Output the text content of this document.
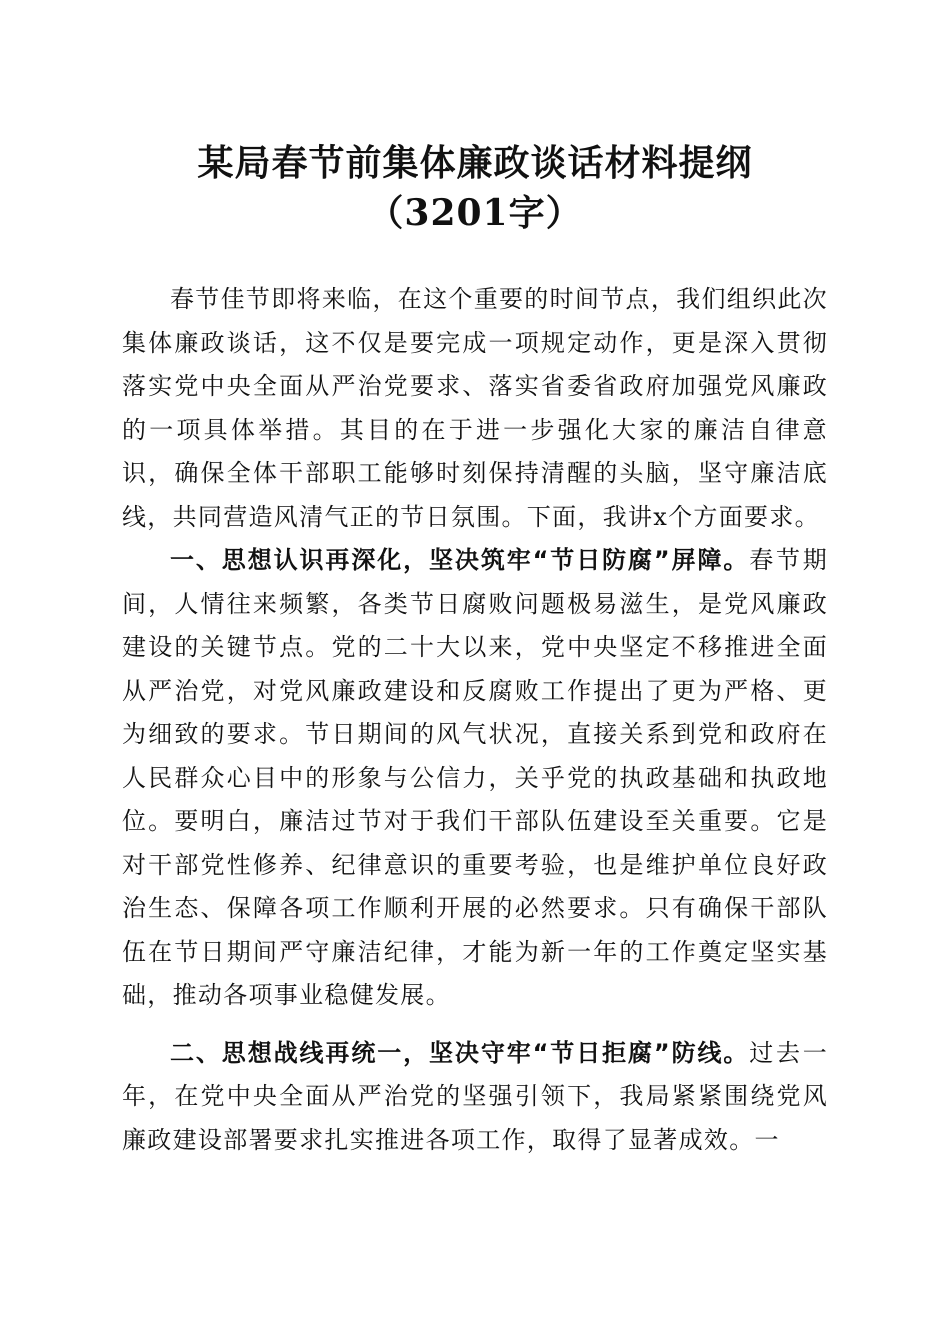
某局春节前集体廉政谈话材料提纲（3201字）

春节佳节即将来临，在这个重要的时间节点，我们组织此次集体廉政谈话，这不仅是要完成一项规定动作，更是深入贯彻落实党中央全面从严治党要求、落实省委省政府加强党风廉政的一项具体举措。其目的在于进一步强化大家的廉洁自律意识，确保全体干部职工能够时刻保持清醒的头脑，坚守廉洁底线，共同营造风清气正的节日氛围。下面，我讲x个方面要求。

一、思想认识再深化，坚决筑牢“节日防腐”屏障。春节期间，人情往来频繁，各类节日腐败问题极易滋生，是党风廉政建设的关键节点。党的二十大以来，党中央坚定不移推进全面从严治党，对党风廉政建设和反腐败工作提出了更为严格、更为细致的要求。节日期间的风气状况，直接关系到党和政府在人民群众心目中的形象与公信力，关乎党的执政基础和执政地位。要明白，廉洁过节对于我们干部队伍建设至关重要。它是对干部党性修养、纪律意识的重要考验，也是维护单位良好政治生态、保障各项工作顺利开展的必然要求。只有确保干部队伍在节日期间严守廉洁纪律，才能为新一年的工作奠定坚实基础，推动各项事业稳健发展。

二、思想战线再统一，坚决守牢“节日拒腐”防线。过去一年，在党中央全面从严治党的坚强引领下，我局紧紧围绕党风廉政建设部署要求扎实推进各项工作，取得了显著成效。一
